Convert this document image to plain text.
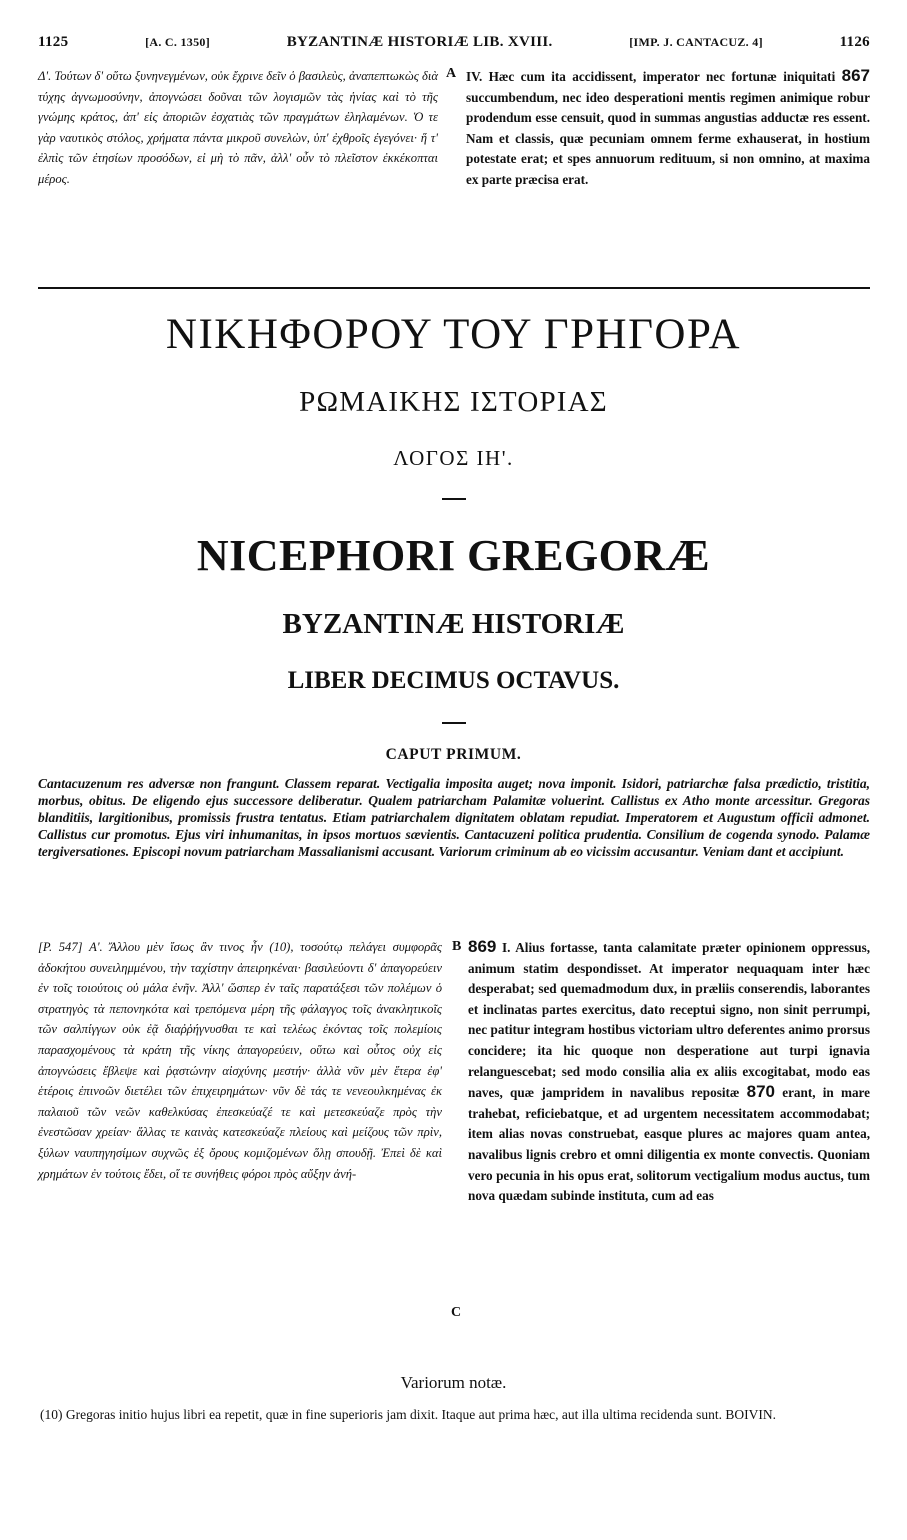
1125	[A. C. 1350]	BYZANTINÆ HISTORIÆ LIB. XVIII.	[IMP. J. CANTACUZ. 4]	1126
Δ'. Τούτων δ' οὕτω ξυνηνεγμένων, οὐκ ἔχρινε δεῖν ὁ βασιλεὺς, ἀναπεπτωκὼς διὰ τύχης ἀγνωμοσύνην, ἀπογνώσει δοῦναι τῶν λογισμῶν τὰς ἡνίας καὶ τὸ τῆς γνώμης κράτος, ἀπ' εἰς ἀποριῶν ἐσχατιὰς τῶν πραγμάτων ἐληλαμένων. Ὁ τε γὰρ ναυτικὸς στόλος, χρήματα πάντα μικροῦ συνελὼν, ὑπ' ἐχθροῖς ἐγεγόνει· ἥ τ' ἐλπὶς τῶν ἐτησίων προσόδων, εἰ μὴ τὸ πᾶν, ἀλλ' οὖν τὸ πλεῖστον ἐκκέκοπται μέρος.
A IV. Hæc cum ita accidissent, imperator nec fortunæ iniquitati 867 succumbendum, nec ideo desperationi mentis regimen animique robur prodendum esse censuit, quod in summas angustias adductæ res essent. Nam et classis, quæ pecuniam omnem ferme exhauserat, in hostium potestate erat; et spes annuorum redituum, si non omnino, at maxima ex parte præcisa erat.
ΝΙΚΗΦΟΡΟΥ ΤΟΥ ΓΡΗΓΟΡΑ
ΡΩΜΑΙΚΗΣ ΙΣΤΟΡΙΑΣ
ΛΟΓΟΣ ΙΗ'.
NICEPHORI GREGORÆ
BYZANTINÆ HISTORIÆ
LIBER DECIMUS OCTAVUS.
CAPUT PRIMUM.
Cantacuzenum res adversæ non frangunt. Classem reparat. Vectigalia imposita auget; nova imponit. Isidori, patriarchæ falsa prædictio, tristitia, morbus, obitus. De eligendo ejus successore deliberatur. Qualem patriarcham Palamitæ voluerint. Callistus ex Atho monte arcessitur. Gregoras blanditiis, largitionibus, promissis frustra tentatus. Etiam patriarchalem dignitatem oblatam repudiat. Imperatorem et Augustum officii admonet. Callistus cur promotus. Ejus viri inhumanitas, in ipsos mortuos sævientis. Cantacuzeni politica prudentia. Consilium de cogenda synodo. Palamæ tergiversationes. Episcopi novum patriarcham Massalianismi accusant. Variorum criminum ab eo vicissim accusantur. Veniam dant et accipiunt.
[P. 547] Α'. Ἄλλου μὲν ἴσως ἂν τινος ἦν (10), τοσούτῳ πελάγει συμφορᾶς ἀδοκήτου συνειλημμένου, τὴν ταχίστην ἀπειρηκέναι· βασιλεύοντι δ' ἀπαγορεύειν ἐν τοῖς τοιούτοις οὐ μάλα ἐνῆν. Ἀλλ' ὥσπερ ἐν ταῖς παρατάξεσι τῶν πολέμων ὁ στρατηγὸς τὰ πεπονηκότα καὶ τρεπόμενα μέρη τῆς φάλαγγος τοῖς ἀνακλητικοῖς τῶν σαλπίγγων οὐκ ἐᾷ διαῤῥήγνυσθαι τε καὶ τελέως ἐκόντας τοῖς πολεμίοις παρασχομένους τὰ κράτη τῆς νίκης ἀπαγορεύειν, οὕτω καὶ οὗτος οὐχ εἰς ἀπογνώσεις ἔβλεψε καὶ ῥᾳστώνην αἰσχύνης μεστήν· ἀλλὰ νῦν μὲν ἕτερα ἐφ' ἑτέροις ἐπινοῶν διετέλει τῶν ἐπιχειρημάτων· νῦν δὲ τάς τε νενεουλκημένας ἐκ παλαιοῦ τῶν νεῶν καθελκύσας ἐπεσκεύαζέ τε καὶ μετεσκεύαζε πρὸς τὴν ἐνεστῶσαν χρείαν· ἄλλας τε καινὰς κατεσκεύαζε πλείους καὶ μείζους τῶν πρὶν, ξύλων ναυπηγησίμων συχνῶς ἐξ ὄρους κομιζομένων ὅλῃ σπουδῇ. Ἐπεὶ δὲ καὶ χρημάτων ἐν τούτοις ἔδει, οἵ τε συνήθεις φόροι πρὸς αὔξην ἀνή-
B
C
869 I. Alius fortasse, tanta calamitate præter opinionem oppressus, animum statim despondisset. At imperator nequaquam inter hæc desperabat; sed quemadmodum dux, in præliis conserendis, laborantes et inclinatas partes exercitus, dato receptui signo, non sinit perrumpi, nec patitur integram hostibus victoriam ultro deferentes animo prorsus concidere; ita hic quoque non desperatione aut turpi ignavia relanguescebat; sed modo consilia alia ex aliis excogitabat, modo eas naves, quæ jampridem in navalibus repositæ 870 erant, in mare trahebat, reficiebatque, et ad urgentem necessitatem accommodabat; item alias novas construebat, easque plures ac majores quam antea, navalibus lignis crebro et omni diligentia ex monte convectis. Quoniam vero pecunia in his opus erat, solitorum vectigalium modus auctus, tum nova quædam subinde instituta, cum ad eas
Variorum notæ.
(10) Gregoras initio hujus libri ea repetit, quæ in fine superioris jam dixit. Itaque aut prima hæc, aut illa ultima recidenda sunt. BOIVIN.
